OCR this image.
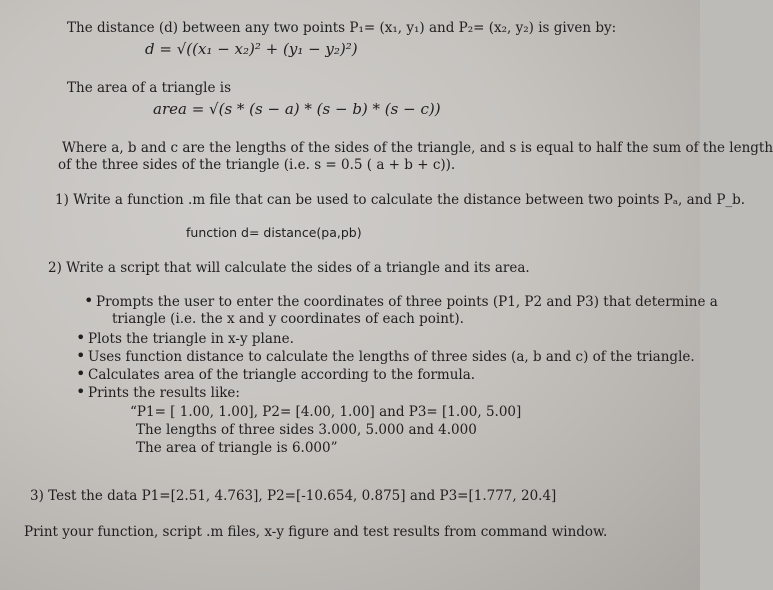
The distance (d) between any two points P₁= (x₁, y₁) and P₂= (x₂, y₂) is given by:
d = √((x₁ − x₂)² + (y₁ − y₂)²)
The area of a triangle is
area = √(s * (s − a) * (s − b) * (s − c))
Where a, b and c are the lengths of the sides of the triangle, and s is equal to half the sum of the length
of the three sides of the triangle (i.e. s = 0.5 ( a + b + c)).
1) Write a function .m file that can be used to calculate the distance between two points Pₐ, and P_b.
function d= distance(pa,pb)
2) Write a script that will calculate the sides of a triangle and its area.
• Prompts the user to enter the coordinates of three points (P1, P2 and P3) that determine a
triangle (i.e. the x and y coordinates of each point).
• Plots the triangle in x-y plane.
• Uses function distance to calculate the lengths of three sides (a, b and c) of the triangle.
• Calculates area of the triangle according to the formula.
• Prints the results like:
“P1= [ 1.00, 1.00], P2= [4.00, 1.00] and P3= [1.00, 5.00]
The lengths of three sides 3.000, 5.000 and 4.000
The area of triangle is 6.000”
3) Test the data P1=[2.51, 4.763], P2=[-10.654, 0.875] and P3=[1.777, 20.4]
Print your function, script .m files, x-y figure and test results from command window.
